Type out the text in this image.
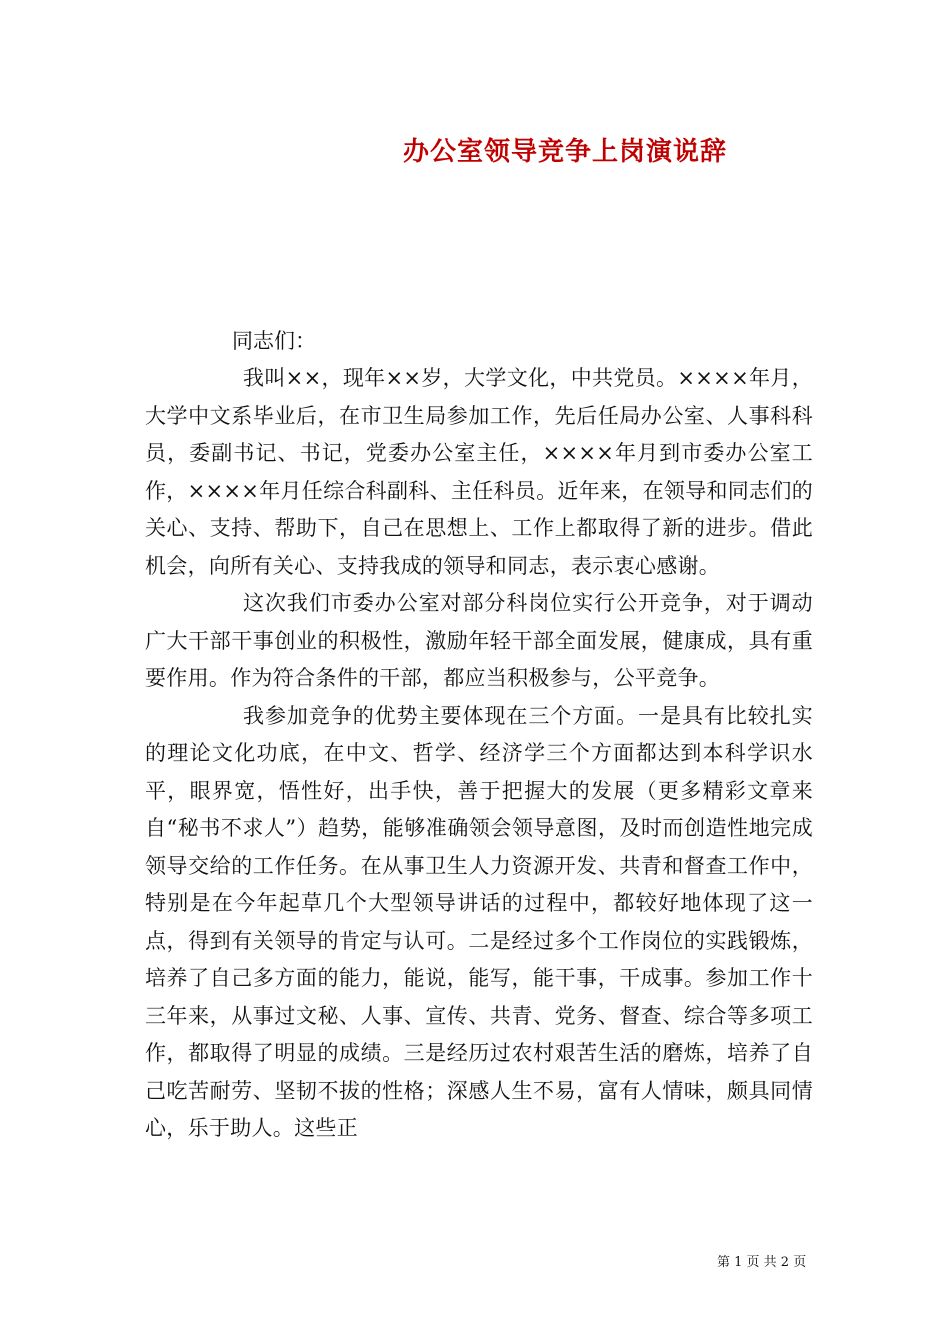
办公室领导竞争上岗演说辞

同志们：

我叫××，现年××岁，大学文化，中共党员。××××年月，大学中文系毕业后，在市卫生局参加工作，先后任局办公室、人事科科员，委副书记、书记，党委办公室主任，××××年月到市委办公室工作，××××年月任综合科副科、主任科员。近年来，在领导和同志们的关心、支持、帮助下，自己在思想上、工作上都取得了新的进步。借此机会，向所有关心、支持我成的领导和同志，表示衷心感谢。

这次我们市委办公室对部分科岗位实行公开竞争，对于调动广大干部干事创业的积极性，激励年轻干部全面发展，健康成，具有重要作用。作为符合条件的干部，都应当积极参与，公平竞争。

我参加竞争的优势主要体现在三个方面。一是具有比较扎实的理论文化功底，在中文、哲学、经济学三个方面都达到本科学识水平，眼界宽，悟性好，出手快，善于把握大的发展（更多精彩文章来自“秘书不求人”）趋势，能够准确领会领导意图，及时而创造性地完成领导交给的工作任务。在从事卫生人力资源开发、共青和督查工作中，特别是在今年起草几个大型领导讲话的过程中，都较好地体现了这一点，得到有关领导的肯定与认可。二是经过多个工作岗位的实践锻炼，培养了自己多方面的能力，能说，能写，能干事，干成事。参加工作十三年来，从事过文秘、人事、宣传、共青、党务、督查、综合等多项工作，都取得了明显的成绩。三是经历过农村艰苦生活的磨炼，培养了自己吃苦耐劳、坚韧不拔的性格；深感人生不易，富有人情味，颇具同情心，乐于助人。这些正

第 1 页 共 2 页
